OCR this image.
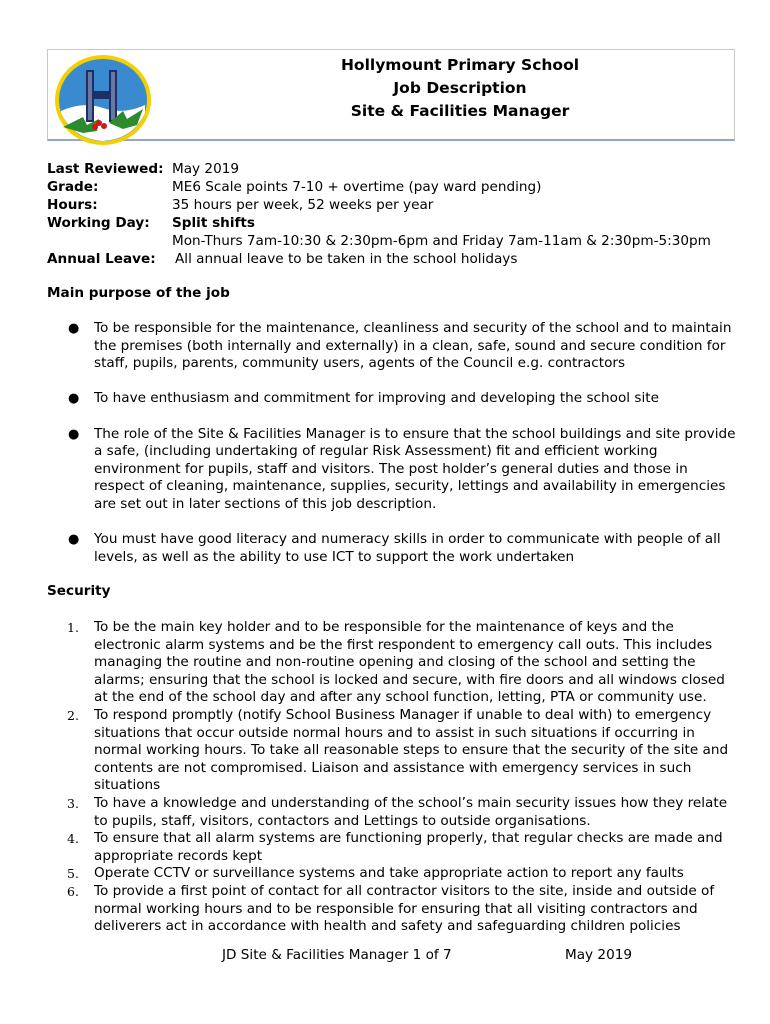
Hollymount Primary School
Job Description
Site & Facilities Manager
Last Reviewed: May 2019
Grade:	ME6 Scale points 7-10 + overtime (pay ward pending)
Hours:	35 hours per week, 52 weeks per year
Working Day: Split shifts
Mon-Thurs 7am-10:30 & 2:30pm-6pm and Friday 7am-11am & 2:30pm-5:30pm
Annual Leave: All annual leave to be taken in the school holidays
Main purpose of the job
● To be responsible for the maintenance, cleanliness and security of the school and to maintain the premises (both internally and externally) in a clean, safe, sound and secure condition for staff, pupils, parents, community users, agents of the Council e.g. contractors
● To have enthusiasm and commitment for improving and developing the school site
● The role of the Site & Facilities Manager is to ensure that the school buildings and site provide a safe, (including undertaking of regular Risk Assessment) fit and efficient working environment for pupils, staff and visitors. The post holder’s general duties and those in respect of cleaning, maintenance, supplies, security, lettings and availability in emergencies are set out in later sections of this job description.
● You must have good literacy and numeracy skills in order to communicate with people of all levels, as well as the ability to use ICT to support the work undertaken
Security
1. To be the main key holder and to be responsible for the maintenance of keys and the electronic alarm systems and be the first respondent to emergency call outs. This includes managing the routine and non-routine opening and closing of the school and setting the alarms; ensuring that the school is locked and secure, with fire doors and all windows closed at the end of the school day and after any school function, letting, PTA or community use.
2. To respond promptly (notify School Business Manager if unable to deal with) to emergency situations that occur outside normal hours and to assist in such situations if occurring in normal working hours. To take all reasonable steps to ensure that the security of the site and contents are not compromised. Liaison and assistance with emergency services in such situations
3. To have a knowledge and understanding of the school’s main security issues how they relate to pupils, staff, visitors, contactors and Lettings to outside organisations.
4. To ensure that all alarm systems are functioning properly, that regular checks are made and appropriate records kept
5. Operate CCTV or surveillance systems and take appropriate action to report any faults
6. To provide a first point of contact for all contractor visitors to the site, inside and outside of normal working hours and to be responsible for ensuring that all visiting contractors and deliverers act in accordance with health and safety and safeguarding children policies
JD Site & Facilities Manager 1 of 7	May 2019
